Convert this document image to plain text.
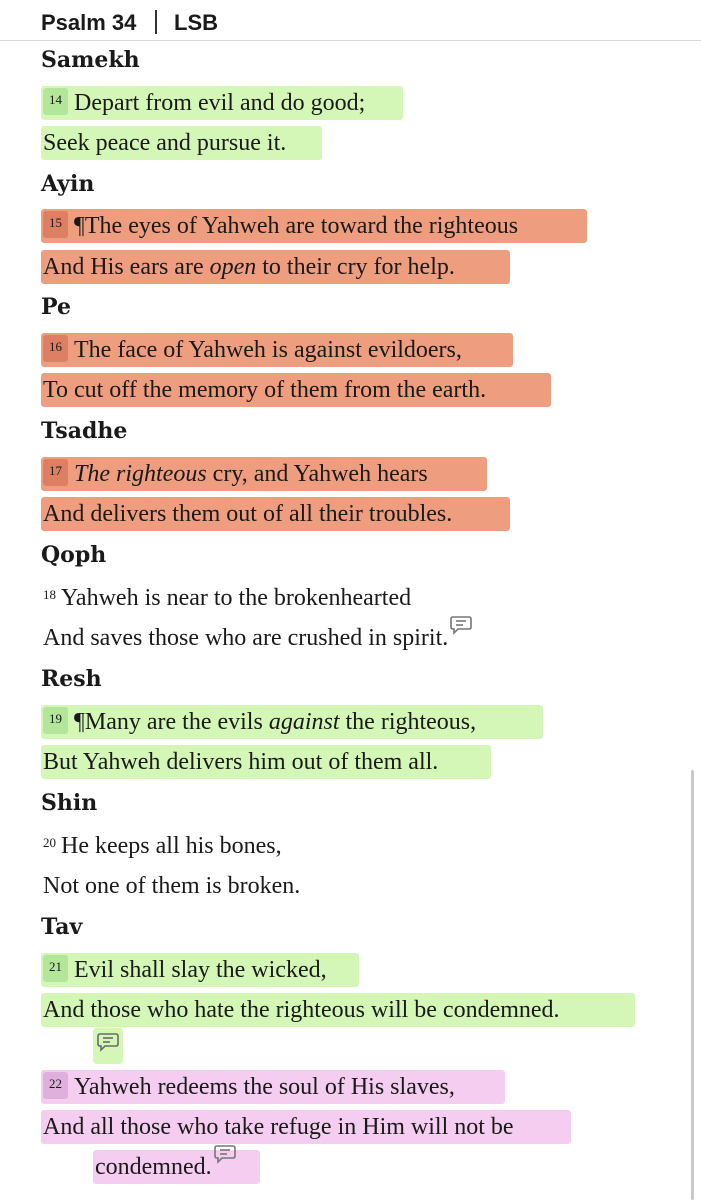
Psalm 34 LSB
Samekh
14 Depart from evil and do good;
Seek peace and pursue it.
Ayin
15 ¶The eyes of Yahweh are toward the righteous
And His ears are open to their cry for help.
Pe
16 The face of Yahweh is against evildoers,
To cut off the memory of them from the earth.
Tsadhe
17 The righteous cry, and Yahweh hears
And delivers them out of all their troubles.
Qoph
18 Yahweh is near to the brokenhearted
And saves those who are crushed in spirit.
Resh
19 ¶Many are the evils against the righteous,
But Yahweh delivers him out of them all.
Shin
20 He keeps all his bones,
Not one of them is broken.
Tav
21 Evil shall slay the wicked,
And those who hate the righteous will be condemned.
22 Yahweh redeems the soul of His slaves,
And all those who take refuge in Him will not be
condemned.
